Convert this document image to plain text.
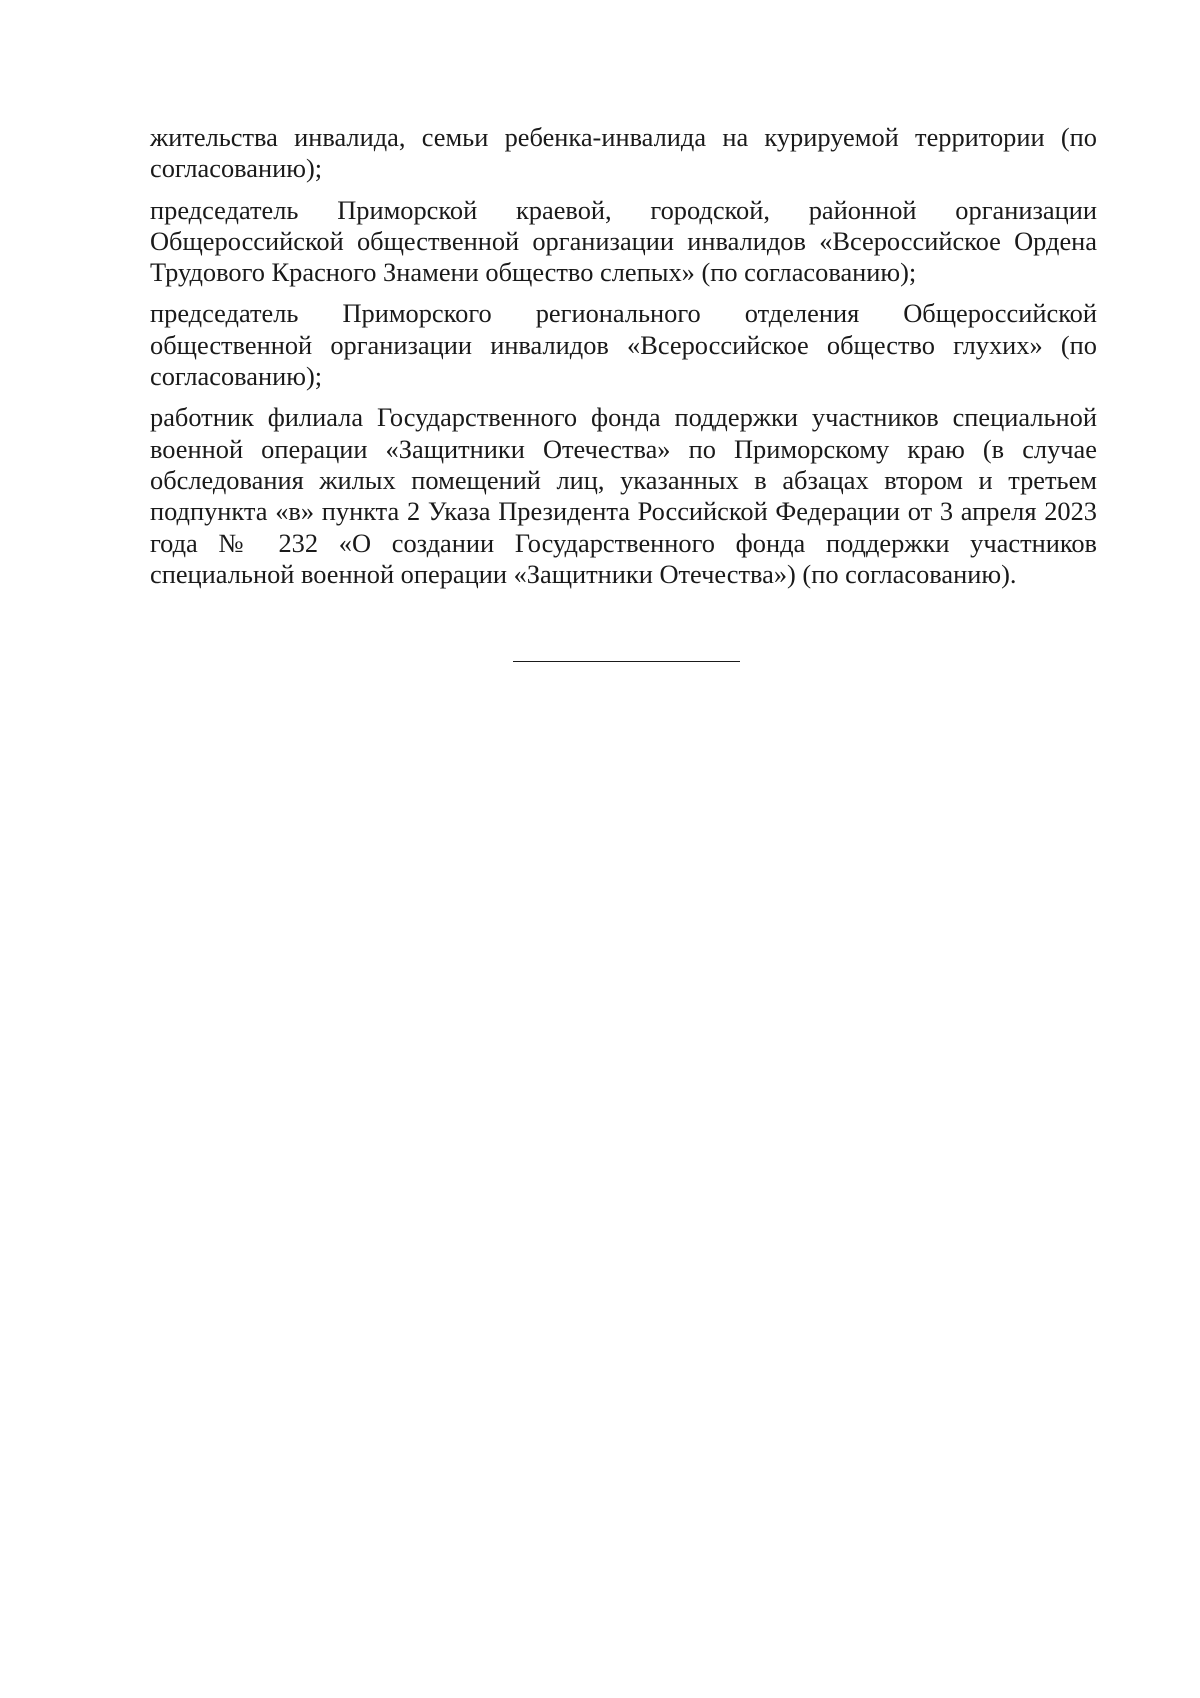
жительства инвалида, семьи ребенка-инвалида на курируемой территории (по согласованию);

председатель Приморской краевой, городской, районной организации Общероссийской общественной организации инвалидов «Всероссийское Ордена Трудового Красного Знамени общество слепых» (по согласованию);

председатель Приморского регионального отделения Общероссийской общественной организации инвалидов «Всероссийское общество глухих» (по согласованию);

работник филиала Государственного фонда поддержки участников специальной военной операции «Защитники Отечества» по Приморскому краю (в случае обследования жилых помещений лиц, указанных в абзацах втором и третьем подпункта «в» пункта 2 Указа Президента Российской Федерации от 3 апреля 2023 года № 232 «О создании Государственного фонда поддержки участников специальной военной операции «Защитники Отечества») (по согласованию).
